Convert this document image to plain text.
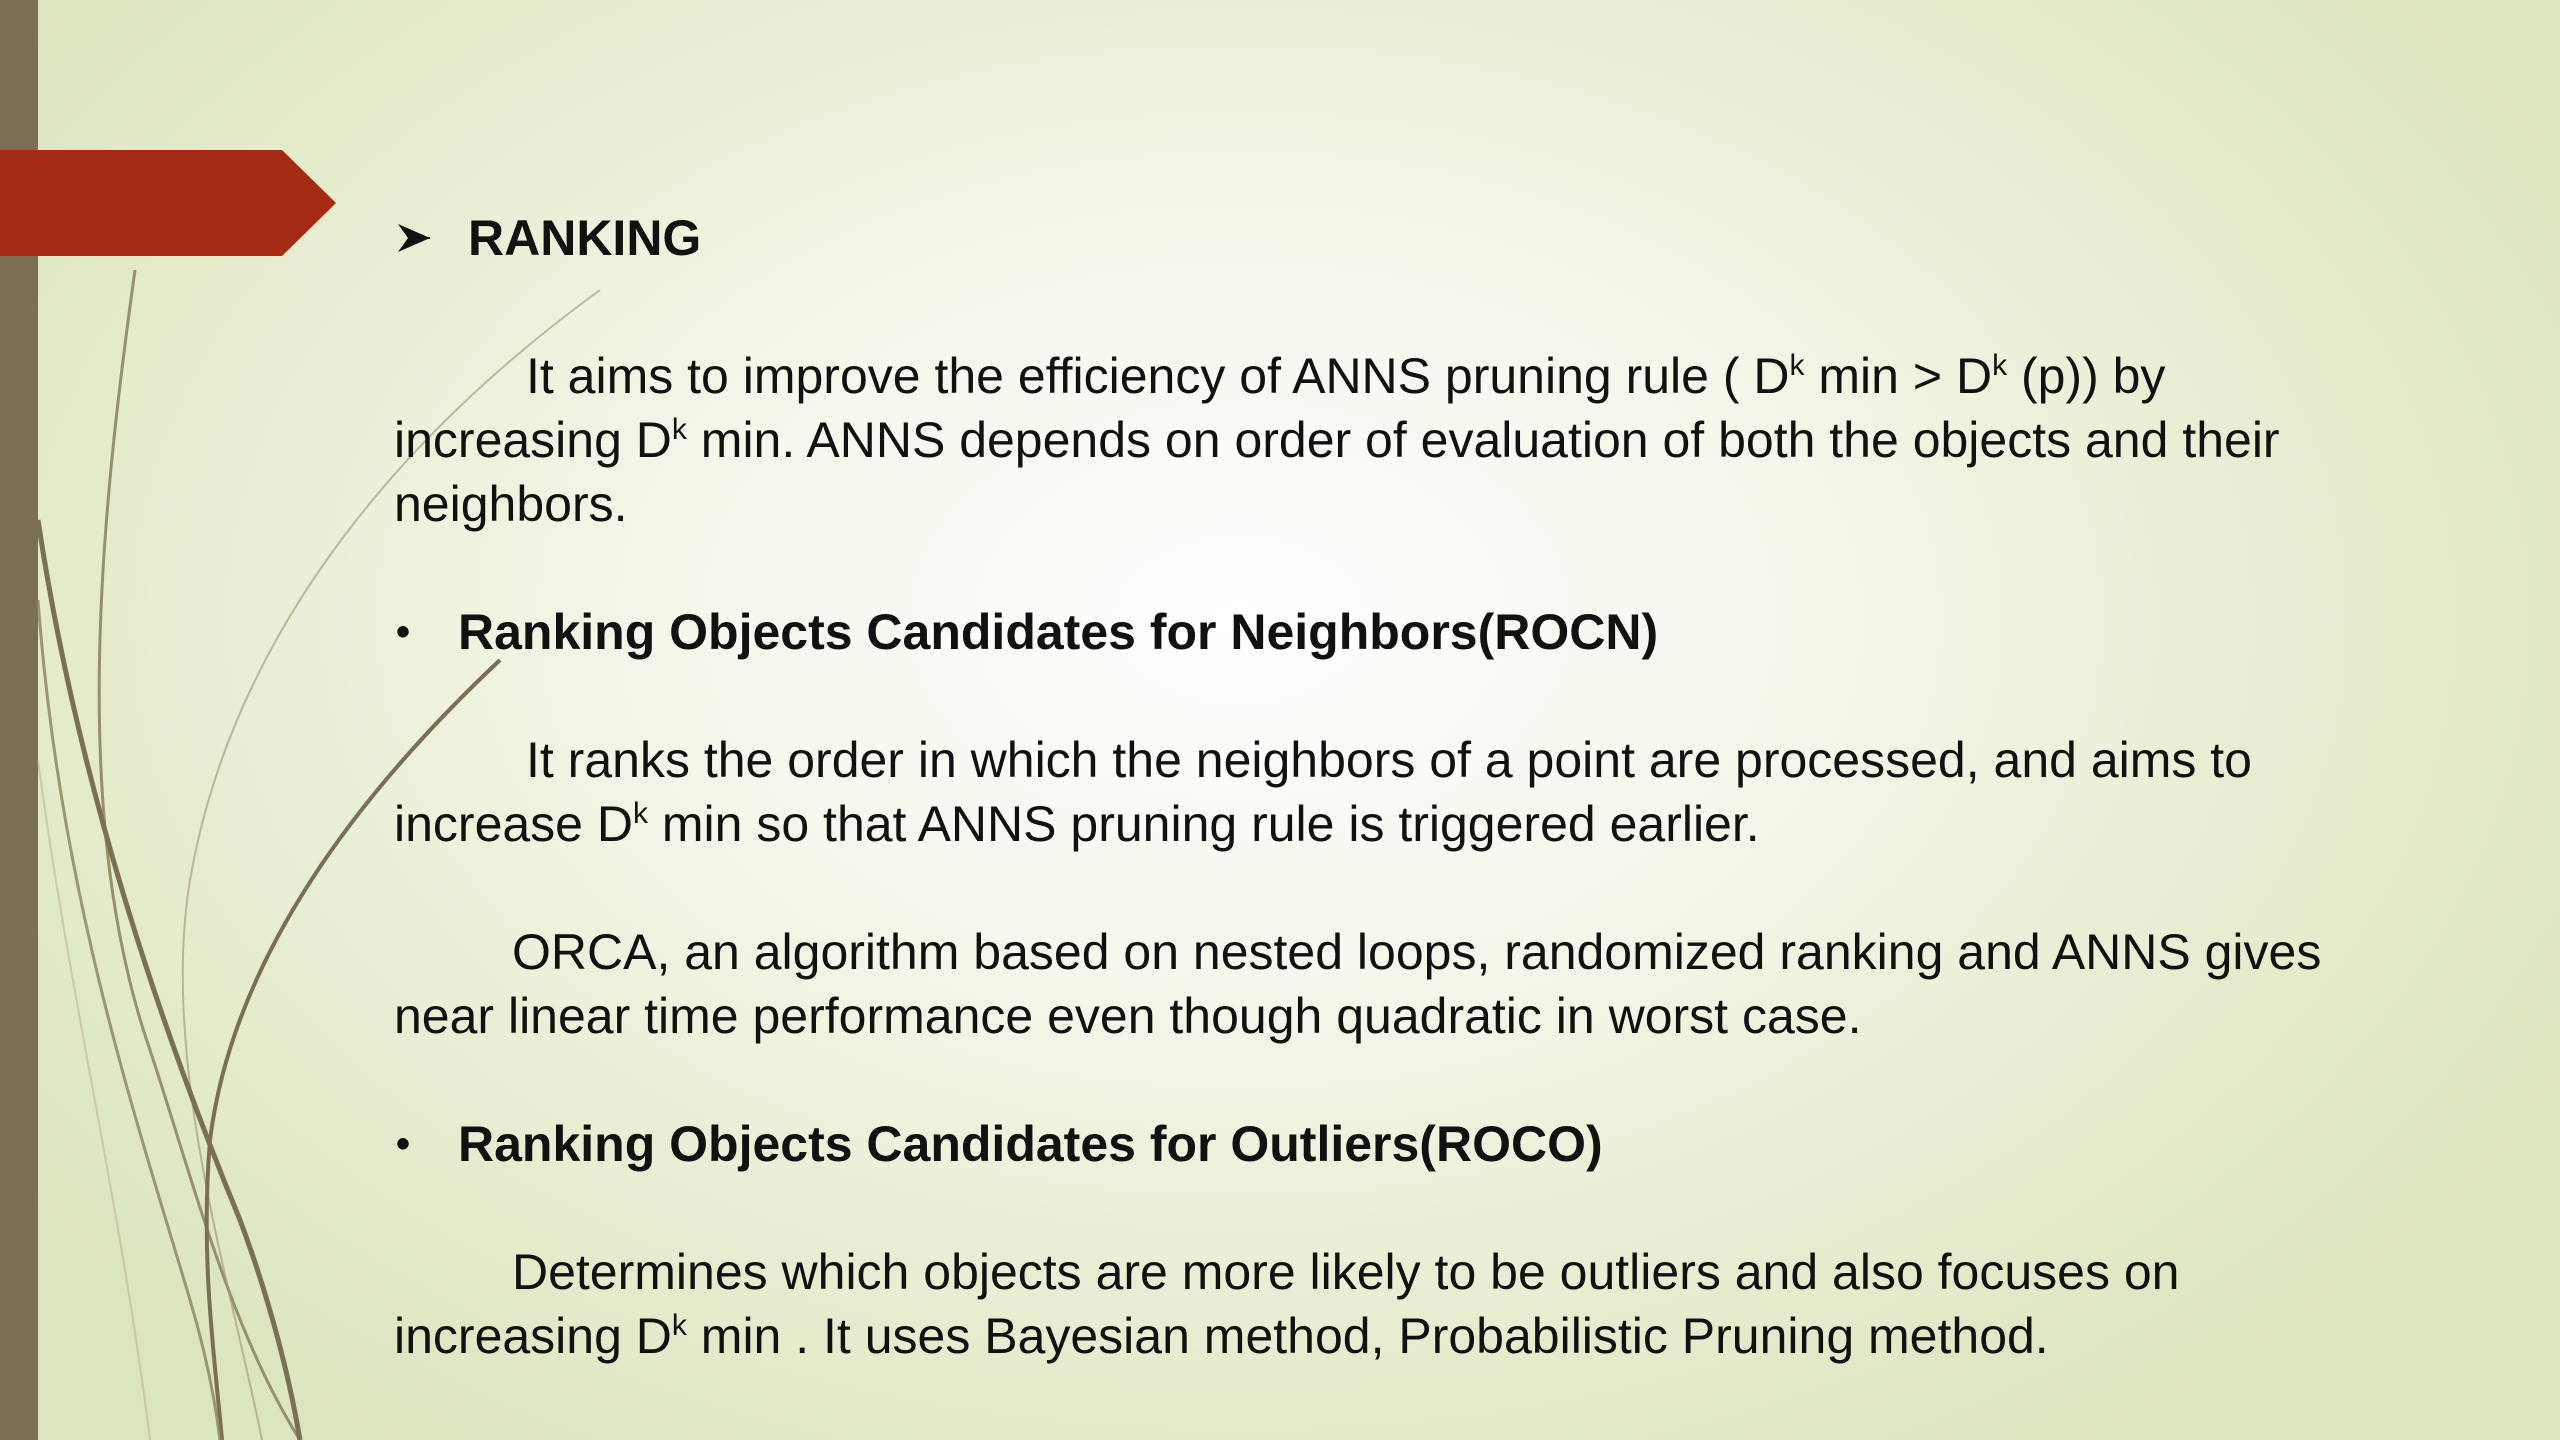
RANKING

It aims to improve the efficiency of ANNS pruning rule ( $D^k$ $\min > D^k$ (p)) by increasing $D^k$ min. ANNS depends on order of evaluation of both the objects and their neighbors.

• Ranking Objects Candidates for Neighbors(ROCN)

It ranks the order in which the neighbors of a point are processed, and aims to increase $D^k$ min so that ANNS pruning rule is triggered earlier.

ORCA, an algorithm based on nested loops, randomized ranking and ANNS gives near linear time performance even though quadratic in worst case.

• Ranking Objects Candidates for Outliers(ROCO)

Determines which objects are more likely to be outliers and also focuses on increasing $D^k$ min . It uses Bayesian method, Probabilistic Pruning method.
